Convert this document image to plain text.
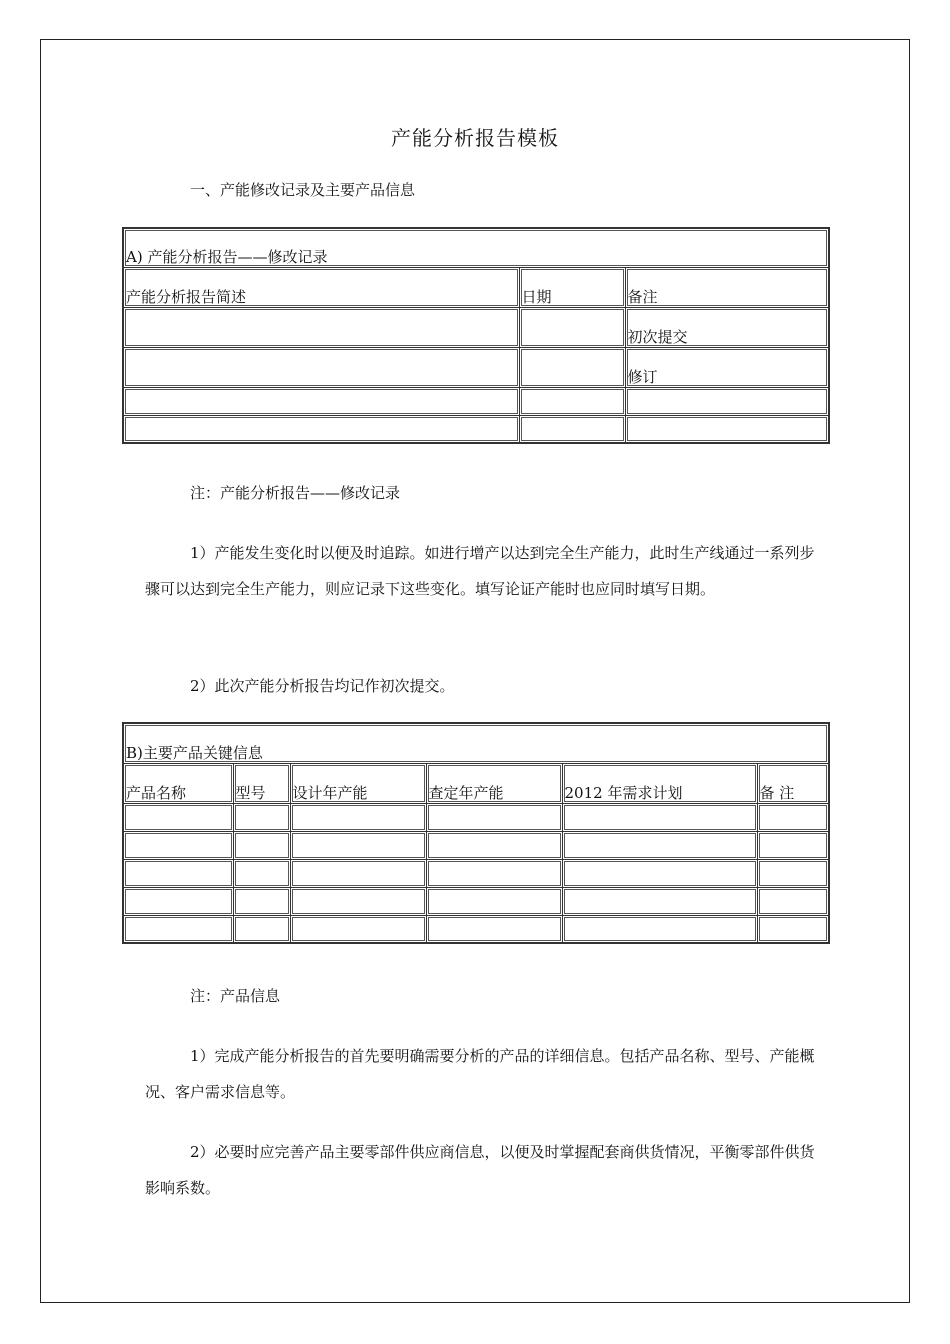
产能分析报告模板
一、产能修改记录及主要产品信息
A) 产能分析报告——修改记录		
产能分析报告简述	日期	备注
		初次提交
		修订

注：产能分析报告——修改记录
1）产能发生变化时以便及时追踪。如进行增产以达到完全生产能力，此时生产线通过一系列步骤可以达到完全生产能力，则应记录下这些变化。填写论证产能时也应同时填写日期。
2）此次产能分析报告均记作初次提交。
B)主要产品关键信息					
产品名称	型号	设计年产能	查定年产能	2012 年需求计划	备 注

注：产品信息
1）完成产能分析报告的首先要明确需要分析的产品的详细信息。包括产品名称、型号、产能概况、客户需求信息等。
2）必要时应完善产品主要零部件供应商信息，以便及时掌握配套商供货情况，平衡零部件供货影响系数。
